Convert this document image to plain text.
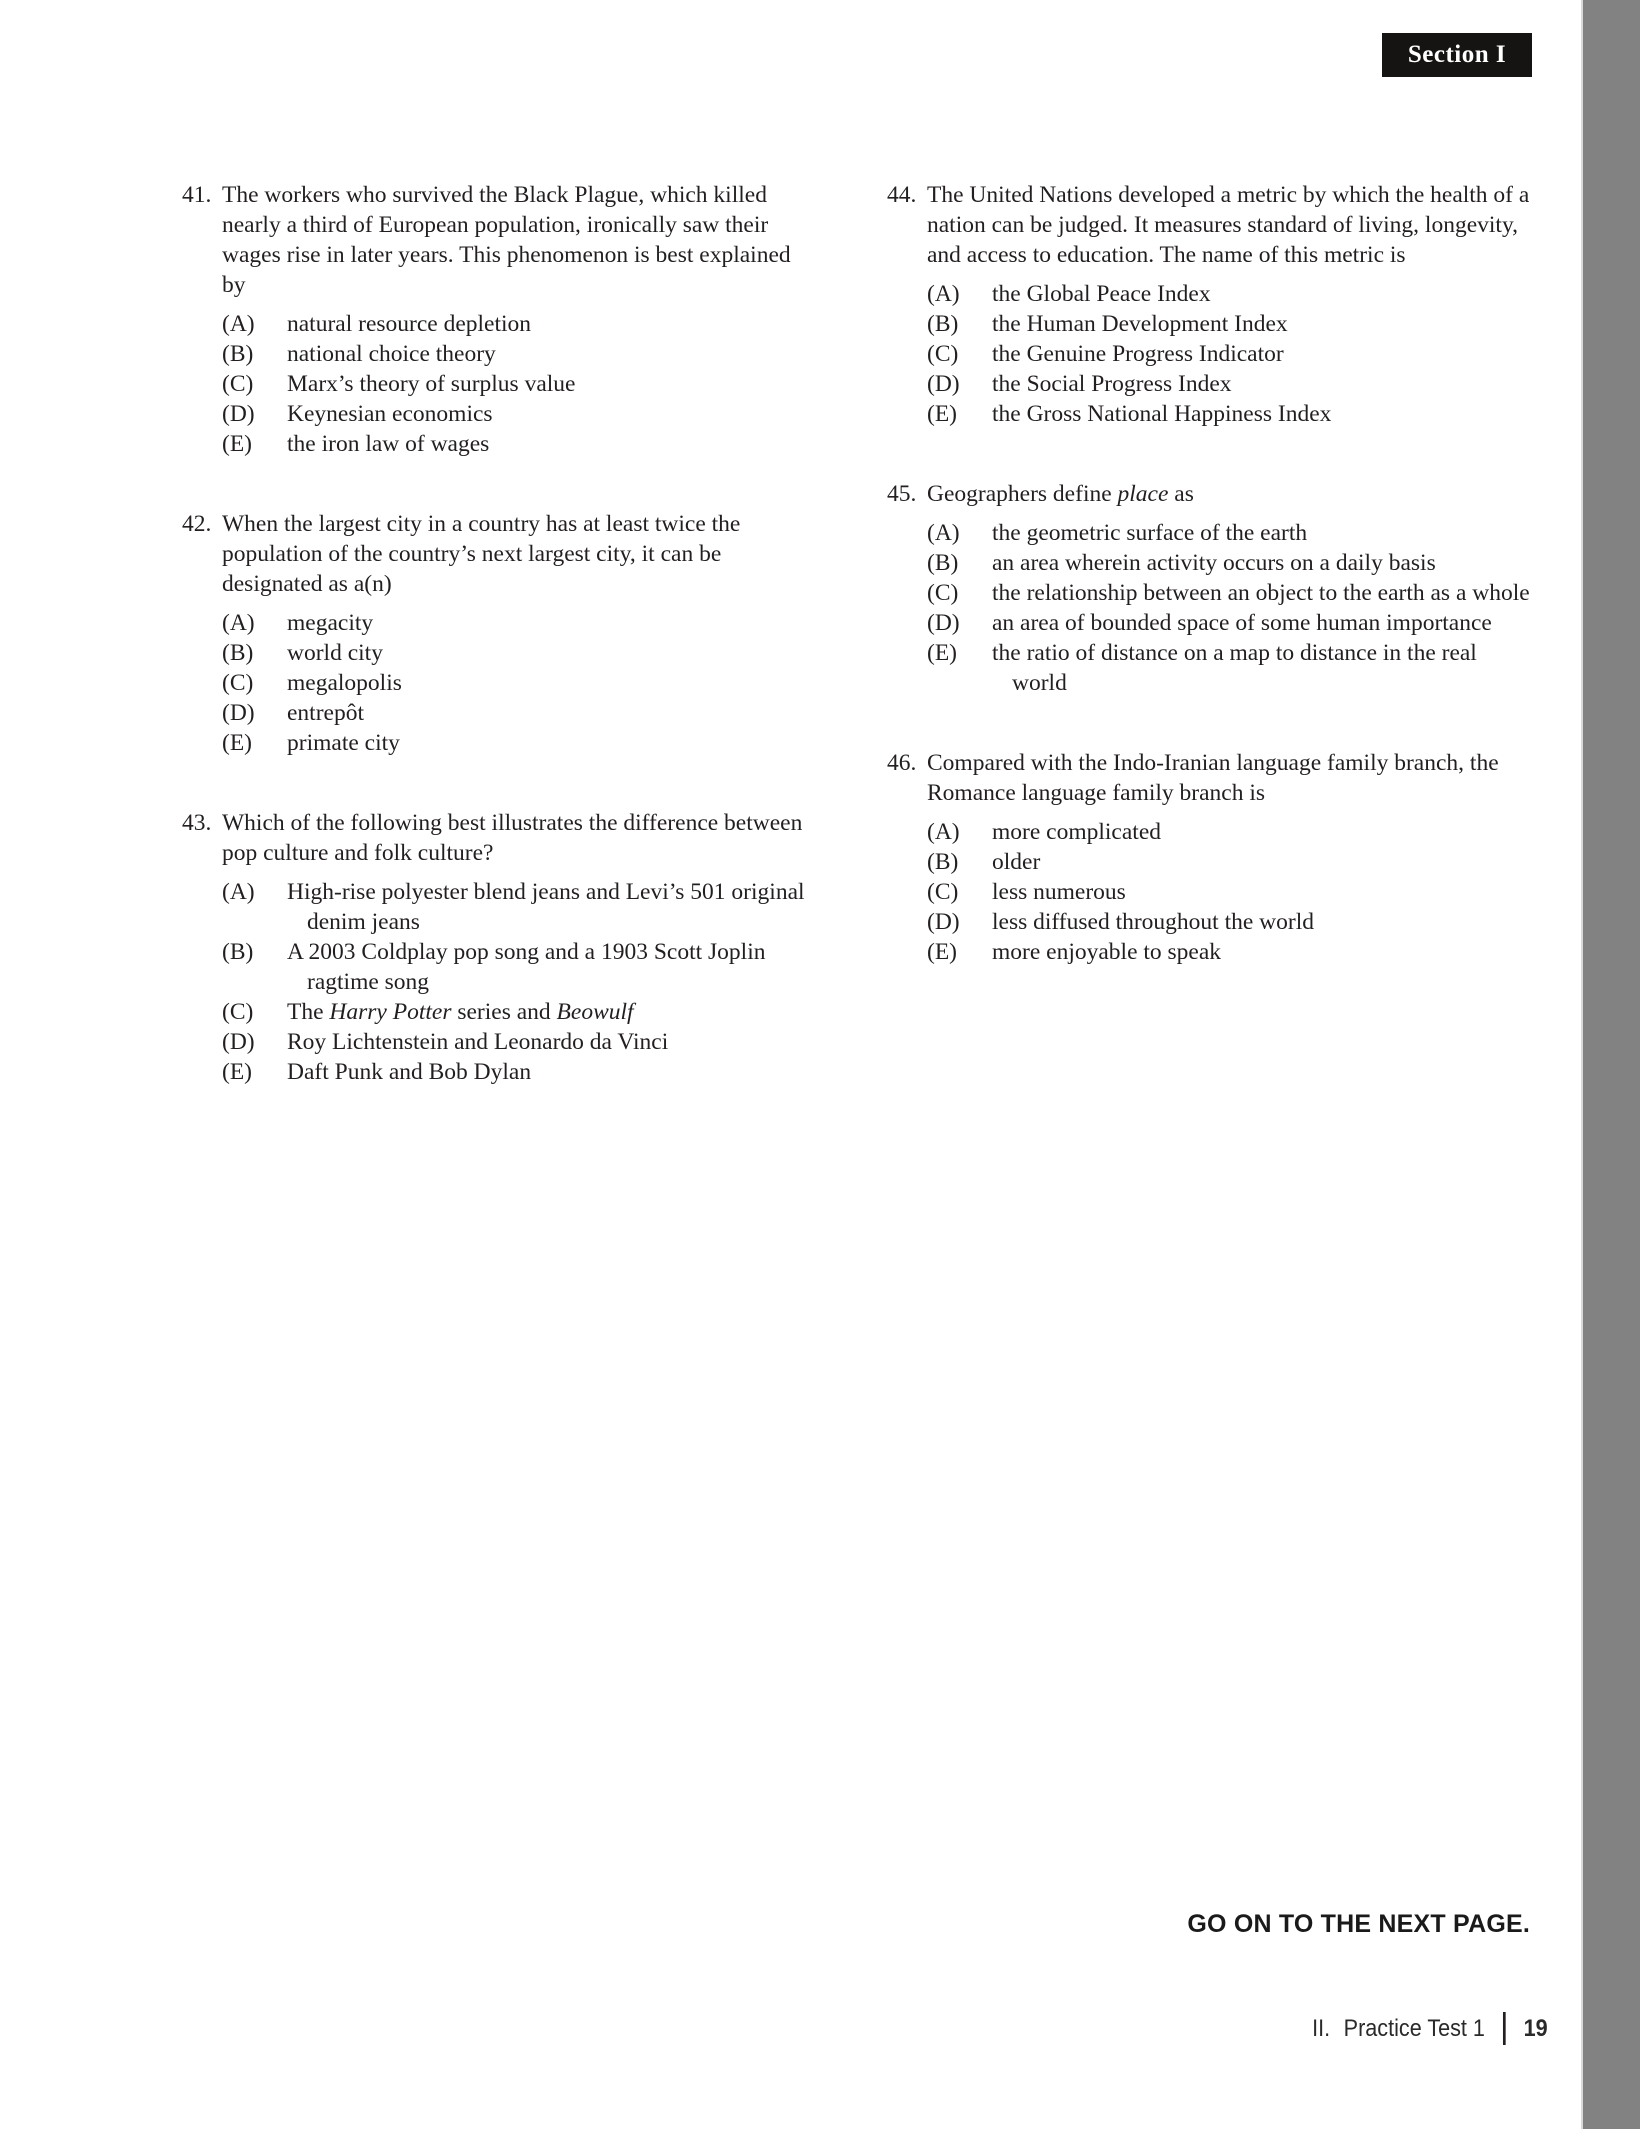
Section I
41. The workers who survived the Black Plague, which killed nearly a third of European population, ironically saw their wages rise in later years. This phenomenon is best explained by
(A)	natural resource depletion
(B)	national choice theory
(C)	Marx’s theory of surplus value
(D)	Keynesian economics
(E)	the iron law of wages
42. When the largest city in a country has at least twice the population of the country’s next largest city, it can be designated as a(n)
(A)	megacity
(B)	world city
(C)	megalopolis
(D)	entrepôt
(E)	primate city
43. Which of the following best illustrates the difference between pop culture and folk culture?
(A)	High-rise polyester blend jeans and Levi’s 501 original denim jeans
(B)	A 2003 Coldplay pop song and a 1903 Scott Joplin ragtime song
(C)	The Harry Potter series and Beowulf
(D)	Roy Lichtenstein and Leonardo da Vinci
(E)	Daft Punk and Bob Dylan
44. The United Nations developed a metric by which the health of a nation can be judged. It measures standard of living, longevity, and access to education. The name of this metric is
(A)	the Global Peace Index
(B)	the Human Development Index
(C)	the Genuine Progress Indicator
(D)	the Social Progress Index
(E)	the Gross National Happiness Index
45. Geographers define place as
(A)	the geometric surface of the earth
(B)	an area wherein activity occurs on a daily basis
(C)	the relationship between an object to the earth as a whole
(D)	an area of bounded space of some human importance
(E)	the ratio of distance on a map to distance in the real world
46. Compared with the Indo-Iranian language family branch, the Romance language family branch is
(A)	more complicated
(B)	older
(C)	less numerous
(D)	less diffused throughout the world
(E)	more enjoyable to speak
GO ON TO THE NEXT PAGE.
II. Practice Test 1 19
